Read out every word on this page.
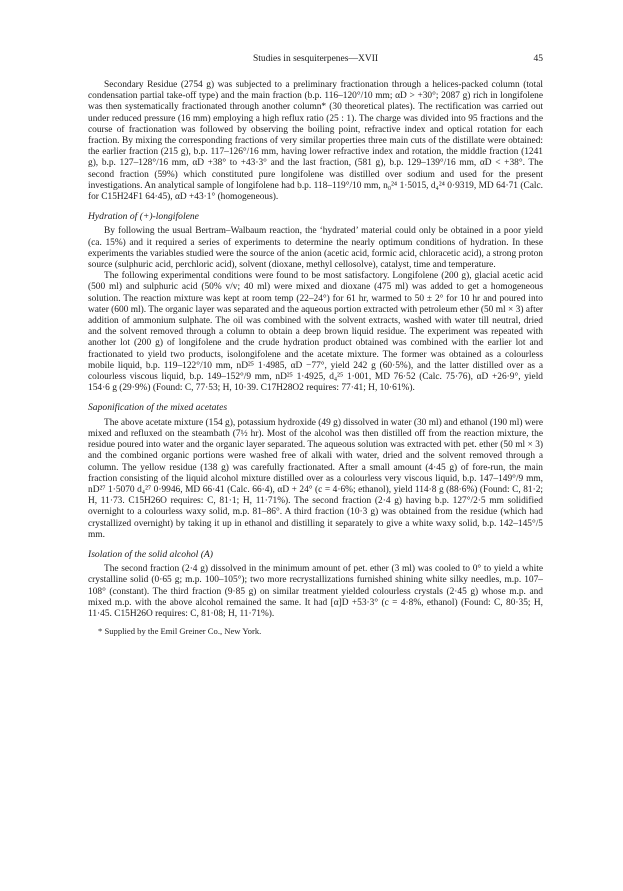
Studies in sesquiterpenes—XVII	45

Secondary Residue (2754 g) was subjected to a preliminary fractionation through a helices-packed column (total condensation partial take-off type) and the main fraction (b.p. 116–120°/10 mm; αD > +30°; 2087 g) rich in longifolene was then systematically fractionated through another column* (30 theoretical plates). The rectification was carried out under reduced pressure (16 mm) employing a high reflux ratio (25 : 1). The charge was divided into 95 fractions and the course of fractionation was followed by observing the boiling point, refractive index and optical rotation for each fraction. By mixing the corresponding fractions of very similar properties three main cuts of the distillate were obtained: the earlier fraction (215 g), b.p. 117–126°/16 mm, having lower refractive index and rotation, the middle fraction (1241 g), b.p. 127–128°/16 mm, αD +38° to +43·3° and the last fraction, (581 g), b.p. 129–139°/16 mm, αD < +38°. The second fraction (59%) which constituted pure longifolene was distilled over sodium and used for the present investigations. An analytical sample of longifolene had b.p. 118–119°/10 mm, n₀²⁴ 1·5015, d₄²⁴ 0·9319, MD 64·71 (Calc. for C15H24F1 64·45), αD +43·1° (homogeneous).

Hydration of (+)-longifolene

By following the usual Bertram–Walbaum reaction, the ‘hydrated’ material could only be obtained in a poor yield (ca. 15%) and it required a series of experiments to determine the nearly optimum conditions of hydration. In these experiments the variables studied were the source of the anion (acetic acid, formic acid, chloracetic acid), a strong proton source (sulphuric acid, perchloric acid), solvent (dioxane, methyl cellosolve), catalyst, time and temperature.

The following experimental conditions were found to be most satisfactory. Longifolene (200 g), glacial acetic acid (500 ml) and sulphuric acid (50% v/v; 40 ml) were mixed and dioxane (475 ml) was added to get a homogeneous solution. The reaction mixture was kept at room temp (22–24°) for 61 hr, warmed to 50 ± 2° for 10 hr and poured into water (600 ml). The organic layer was separated and the aqueous portion extracted with petroleum ether (50 ml × 3) after addition of ammonium sulphate. The oil was combined with the solvent extracts, washed with water till neutral, dried and the solvent removed through a column to obtain a deep brown liquid residue. The experiment was repeated with another lot (200 g) of longifolene and the crude hydration product obtained was combined with the earlier lot and fractionated to yield two products, isolongifolene and the acetate mixture. The former was obtained as a colourless mobile liquid, b.p. 119–122°/10 mm, nD²⁵ 1·4985, αD −77°, yield 242 g (60·5%), and the latter distilled over as a colourless viscous liquid, b.p. 149–152°/9 mm, nD²⁵ 1·4925, d₄²⁵ 1·001, MD 76·52 (Calc. 75·76), αD +26·9°, yield 154·6 g (29·9%) (Found: C, 77·53; H, 10·39. C17H28O2 requires: 77·41; H, 10·61%).

Saponification of the mixed acetates

The above acetate mixture (154 g), potassium hydroxide (49 g) dissolved in water (30 ml) and ethanol (190 ml) were mixed and refluxed on the steambath (7½ hr). Most of the alcohol was then distilled off from the reaction mixture, the residue poured into water and the organic layer separated. The aqueous solution was extracted with pet. ether (50 ml × 3) and the combined organic portions were washed free of alkali with water, dried and the solvent removed through a column. The yellow residue (138 g) was carefully fractionated. After a small amount (4·45 g) of fore-run, the main fraction consisting of the liquid alcohol mixture distilled over as a colourless very viscous liquid, b.p. 147–149°/9 mm, nD²⁷ 1·5070 d₄²⁷ 0·9946, MD 66·41 (Calc. 66·4), αD + 24° (c = 4·6%; ethanol), yield 114·8 g (88·6%) (Found: C, 81·2; H, 11·73. C15H26O requires: C, 81·1; H, 11·71%). The second fraction (2·4 g) having b.p. 127°/2·5 mm solidified overnight to a colourless waxy solid, m.p. 81–86°. A third fraction (10·3 g) was obtained from the residue (which had crystallized overnight) by taking it up in ethanol and distilling it separately to give a white waxy solid, b.p. 142–145°/5 mm.

Isolation of the solid alcohol (A)

The second fraction (2·4 g) dissolved in the minimum amount of pet. ether (3 ml) was cooled to 0° to yield a white crystalline solid (0·65 g; m.p. 100–105°); two more recrystallizations furnished shining white silky needles, m.p. 107–108° (constant). The third fraction (9·85 g) on similar treatment yielded colourless crystals (2·45 g) whose m.p. and mixed m.p. with the above alcohol remained the same. It had [α]D +53·3° (c = 4·8%, ethanol) (Found: C, 80·35; H, 11·45. C15H26O requires: C, 81·08; H, 11·71%).

* Supplied by the Emil Greiner Co., New York.
